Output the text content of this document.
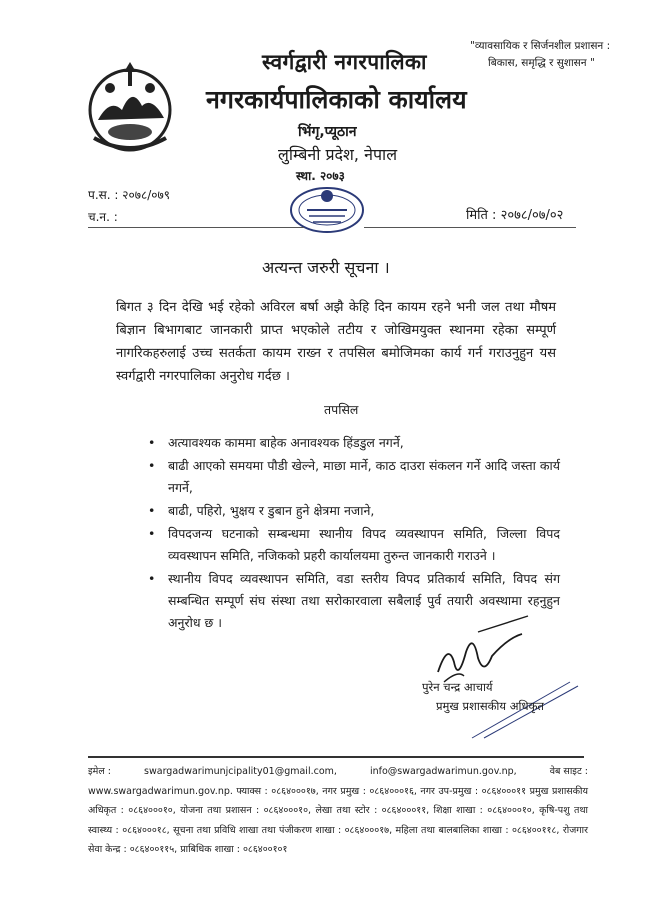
"व्यावसायिक र सिर्जनशील प्रशासन :
बिकास, समृद्धि र सुशासन "
स्वर्गद्वारी नगरपालिका
नगरकार्यपालिकाको कार्यालय
भिंगृ,प्यूठान
लुम्बिनी प्रदेश, नेपाल
स्था. २०७३
प.स. : २०७८/०७९
च.न. :	मिति : २०७८/०७/०२
अत्यन्त जरुरी सूचना ।
बिगत ३ दिन देखि भई रहेको अविरल बर्षा अझै केहि दिन कायम रहने भनी जल तथा मौषम बिज्ञान बिभागबाट जानकारी प्राप्त भएकोले तटीय र जोखिमयुक्त स्थानमा रहेका सम्पूर्ण नागरिकहरुलाई उच्च सतर्कता कायम राख्न र तपसिल बमोजिमका कार्य गर्न गराउनुहुन यस स्वर्गद्वारी नगरपालिका अनुरोध गर्दछ ।
तपसिल
• अत्यावश्यक काममा बाहेक अनावश्यक हिंडडुल नगर्ने,
• बाढी आएको समयमा पौडी खेल्ने, माछा मार्ने, काठ दाउरा संकलन गर्ने आदि जस्ता कार्य नगर्ने,
• बाढी, पहिरो, भुक्षय र डुबान हुने क्षेत्रमा नजाने,
• विपदजन्य घटनाको सम्बन्धमा स्थानीय विपद व्यवस्थापन समिति, जिल्ला विपद व्यवस्थापन समिति, नजिकको प्रहरी कार्यालयमा तुरुन्त जानकारी गराउने ।
• स्थानीय विपद व्यवस्थापन समिति, वडा स्तरीय विपद प्रतिकार्य समिति, विपद संग सम्बन्धित सम्पूर्ण संघ संस्था तथा सरोकारवाला सबैलाई पुर्व तयारी अवस्थामा रहनुहुन अनुरोध छ ।
पुरेन चन्द्र आचार्य
प्रमुख प्रशासकीय अधिकृत
इमेल :	swargadwarimunjcipality01@gmail.com,	info@swargadwarimun.gov.np,	वेब साइट :
www.swargadwarimun.gov.np. फ्याक्स : ०८६४०००१७, नगर प्रमुख : ०८६४०००१६, नगर उप-प्रमुख : ०८६४०००११ प्रमुख प्रशासकीय अधिकृत : ०८६४०००१०, योजना तथा प्रशासन : ०८६४०००१०, लेखा तथा स्टोर : ०८६४०००११, शिक्षा शाखा : ०८६४०००१०, कृषि-पशु तथा स्वास्थ्य : ०८६४०००१८, सूचना तथा प्रविधि शाखा तथा पंजीकरण शाखा : ०८६४०००१७, महिला तथा बालबालिका शाखा : ०८६४००११८, रोजगार सेवा केन्द्र : ०८६४००११५, प्राबिधिक शाखा : ०८६४००१०१
